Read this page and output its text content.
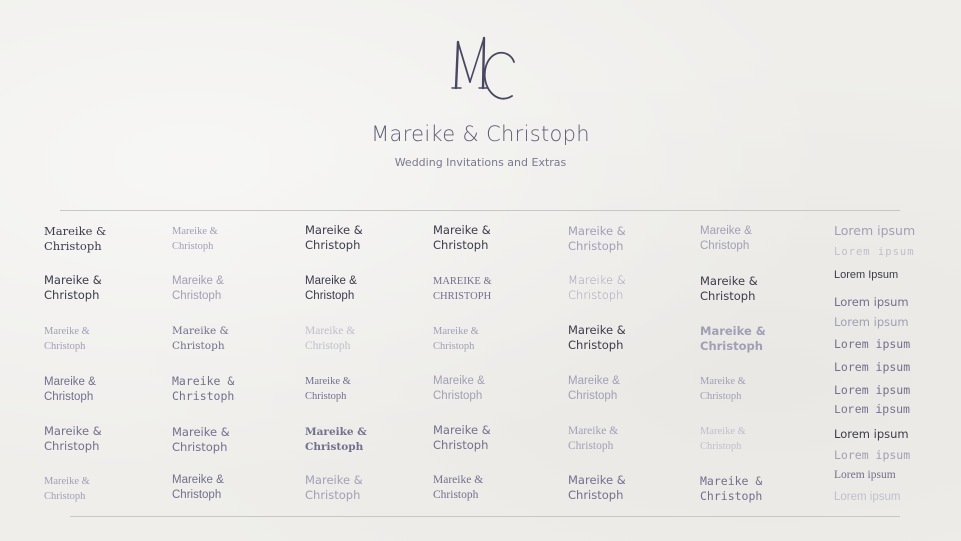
Mareike & Christoph
Wedding Invitations and Extras
Mareike &
Christoph
Mareike &
Christoph
Mareike &
Christoph
Mareike &
Christoph
Mareike &
Christoph
Mareike &
Christoph
Mareike &
Christoph
Mareike &
Christoph
Mareike &
Christoph
Mareike &
Christoph
Mareike &
Christoph
Mareike &
Christoph
Mareike &
Christoph
Mareike &
Christoph
Mareike &
Christoph
Mareike &
Christoph
Mareike &
Christoph
Mareike &
Christoph
Mareike &
Christoph
MAREIKE &
CHRISTOPH
Mareike &
Christoph
Mareike &
Christoph
Mareike &
Christoph
Mareike &
Christoph
Mareike &
Christoph
Mareike &
Christoph
Mareike &
Christoph
Mareike &
Christoph
Mareike &
Christoph
Mareike &
Christoph
Mareike &
Christoph
Mareike &
Christoph
Mareike &
Christoph
Mareike &
Christoph
Mareike &
Christoph
Mareike &
Christoph
Lorem ipsum
Lorem ipsum
Lorem Ipsum
Lorem ipsum
Lorem ipsum
Lorem ipsum
Lorem ipsum
Lorem ipsum
Lorem ipsum
Lorem ipsum
Lorem ipsum
Lorem ipsum
Lorem ipsum
